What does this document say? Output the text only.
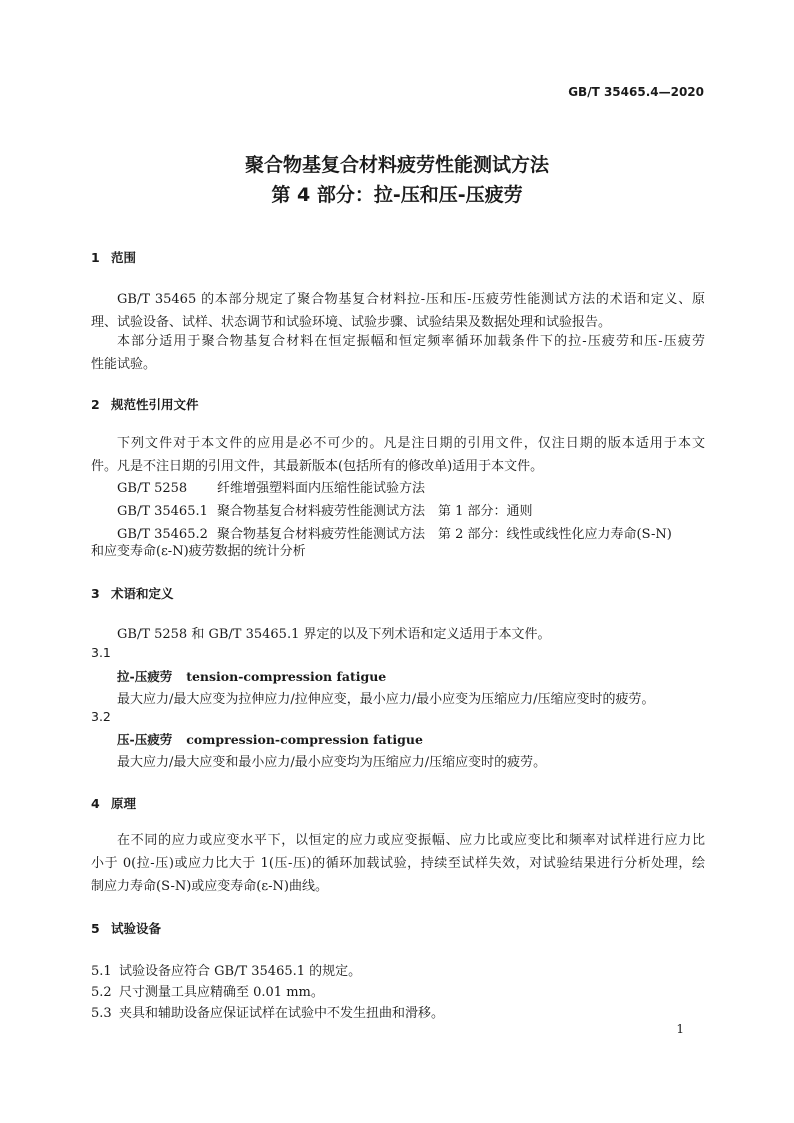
GB/T 35465.4—2020
聚合物基复合材料疲劳性能测试方法
第 4 部分：拉-压和压-压疲劳
1 范围
GB/T 35465 的本部分规定了聚合物基复合材料拉-压和压-压疲劳性能测试方法的术语和定义、原
理、试验设备、试样、状态调节和试验环境、试验步骤、试验结果及数据处理和试验报告。
本部分适用于聚合物基复合材料在恒定振幅和恒定频率循环加载条件下的拉-压疲劳和压-压疲劳
性能试验。
2 规范性引用文件
下列文件对于本文件的应用是必不可少的。凡是注日期的引用文件，仅注日期的版本适用于本文
件。凡是不注日期的引用文件，其最新版本(包括所有的修改单)适用于本文件。
GB/T 5258 纤维增强塑料面内压缩性能试验方法
GB/T 35465.1 聚合物基复合材料疲劳性能测试方法　第 1 部分：通则
GB/T 35465.2 聚合物基复合材料疲劳性能测试方法　第 2 部分：线性或线性化应力寿命(S-N)
和应变寿命(ε-N)疲劳数据的统计分析
3 术语和定义
GB/T 5258 和 GB/T 35465.1 界定的以及下列术语和定义适用于本文件。
3.1
拉-压疲劳 tension-compression fatigue
最大应力/最大应变为拉伸应力/拉伸应变，最小应力/最小应变为压缩应力/压缩应变时的疲劳。
3.2
压-压疲劳 compression-compression fatigue
最大应力/最大应变和最小应力/最小应变均为压缩应力/压缩应变时的疲劳。
4 原理
在不同的应力或应变水平下，以恒定的应力或应变振幅、应力比或应变比和频率对试样进行应力比
小于 0(拉-压)或应力比大于 1(压-压)的循环加载试验，持续至试样失效，对试验结果进行分析处理，绘
制应力寿命(S-N)或应变寿命(ε-N)曲线。
5 试验设备
5.1 试验设备应符合 GB/T 35465.1 的规定。
5.2 尺寸测量工具应精确至 0.01 mm。
5.3 夹具和辅助设备应保证试样在试验中不发生扭曲和滑移。
1
